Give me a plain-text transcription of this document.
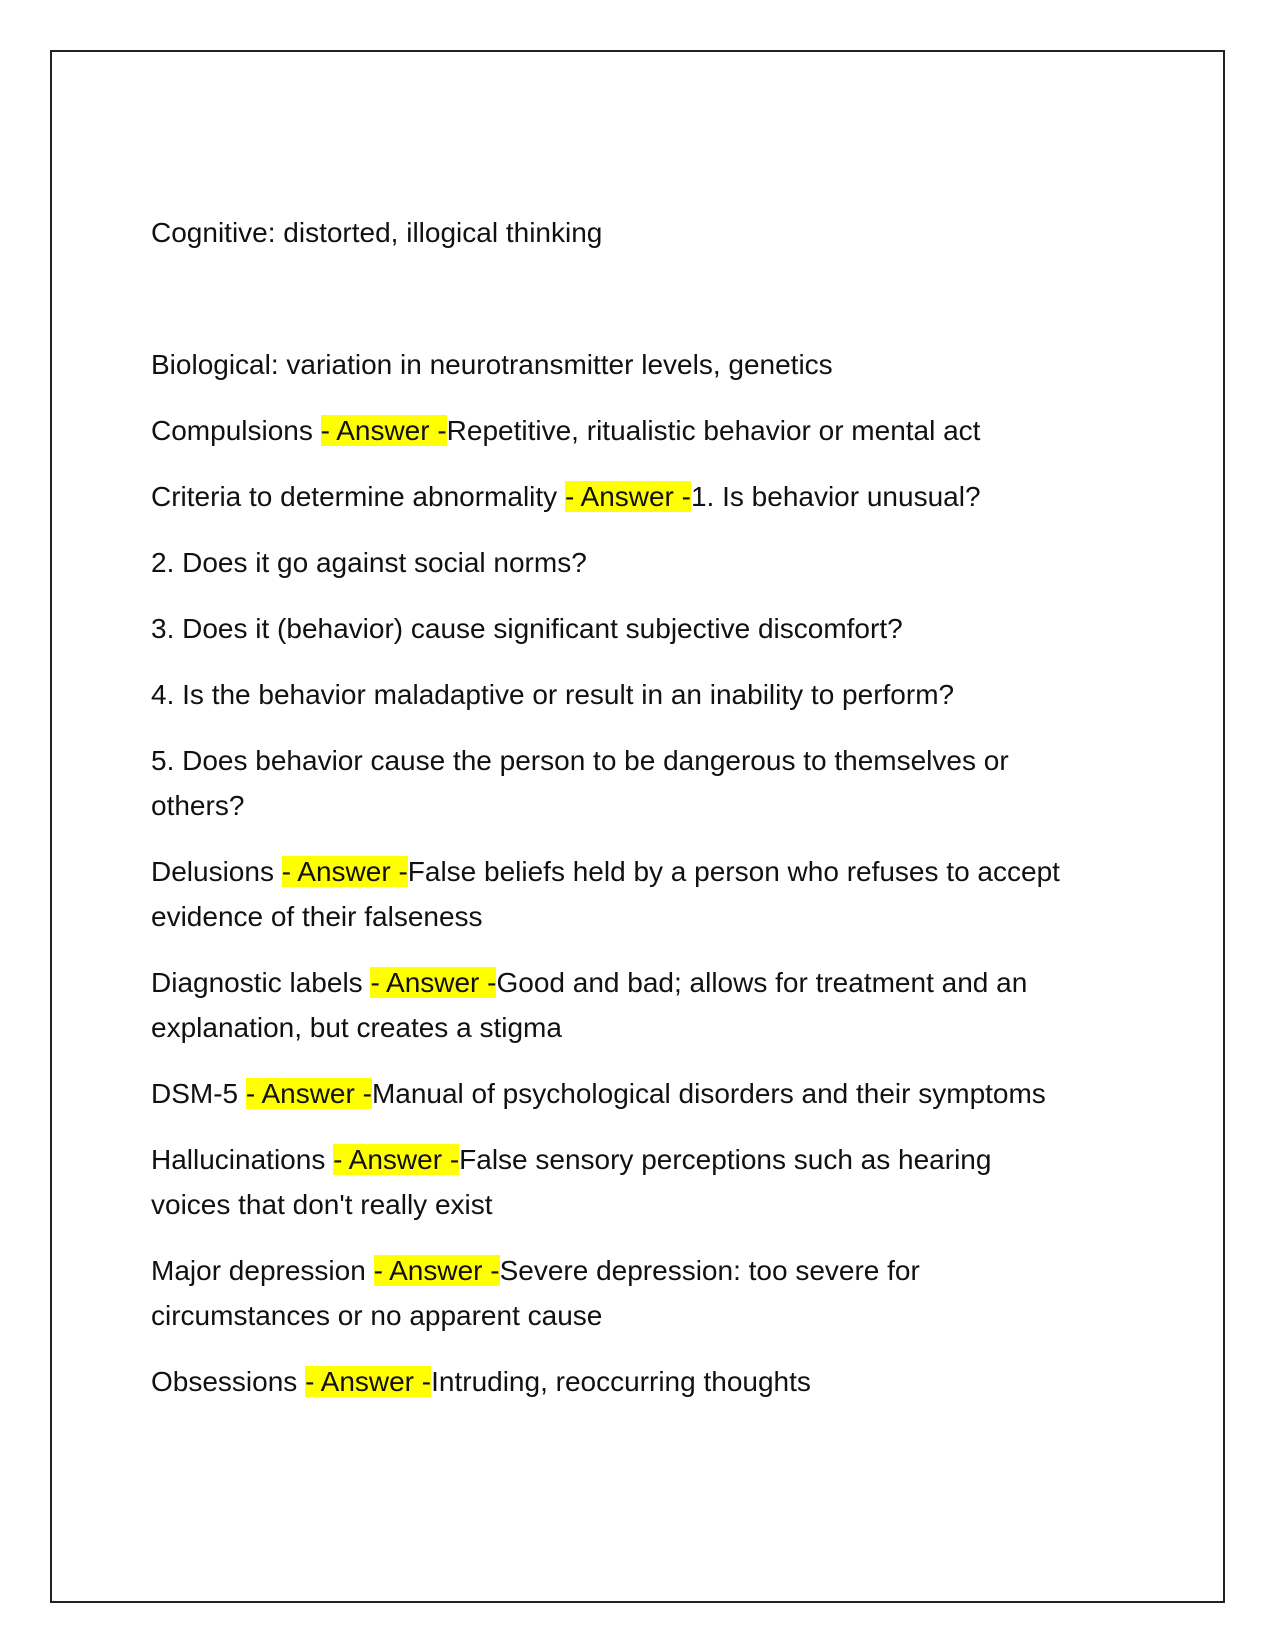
Cognitive: distorted, illogical thinking
Biological: variation in neurotransmitter levels, genetics
Compulsions - Answer -Repetitive, ritualistic behavior or mental act
Criteria to determine abnormality - Answer -1. Is behavior unusual?
2. Does it go against social norms?
3. Does it (behavior) cause significant subjective discomfort?
4. Is the behavior maladaptive or result in an inability to perform?
5. Does behavior cause the person to be dangerous to themselves or
others?
Delusions - Answer -False beliefs held by a person who refuses to accept
evidence of their falseness
Diagnostic labels - Answer -Good and bad; allows for treatment and an
explanation, but creates a stigma
DSM-5 - Answer -Manual of psychological disorders and their symptoms
Hallucinations - Answer -False sensory perceptions such as hearing
voices that don't really exist
Major depression - Answer -Severe depression: too severe for
circumstances or no apparent cause
Obsessions - Answer -Intruding, reoccurring thoughts
